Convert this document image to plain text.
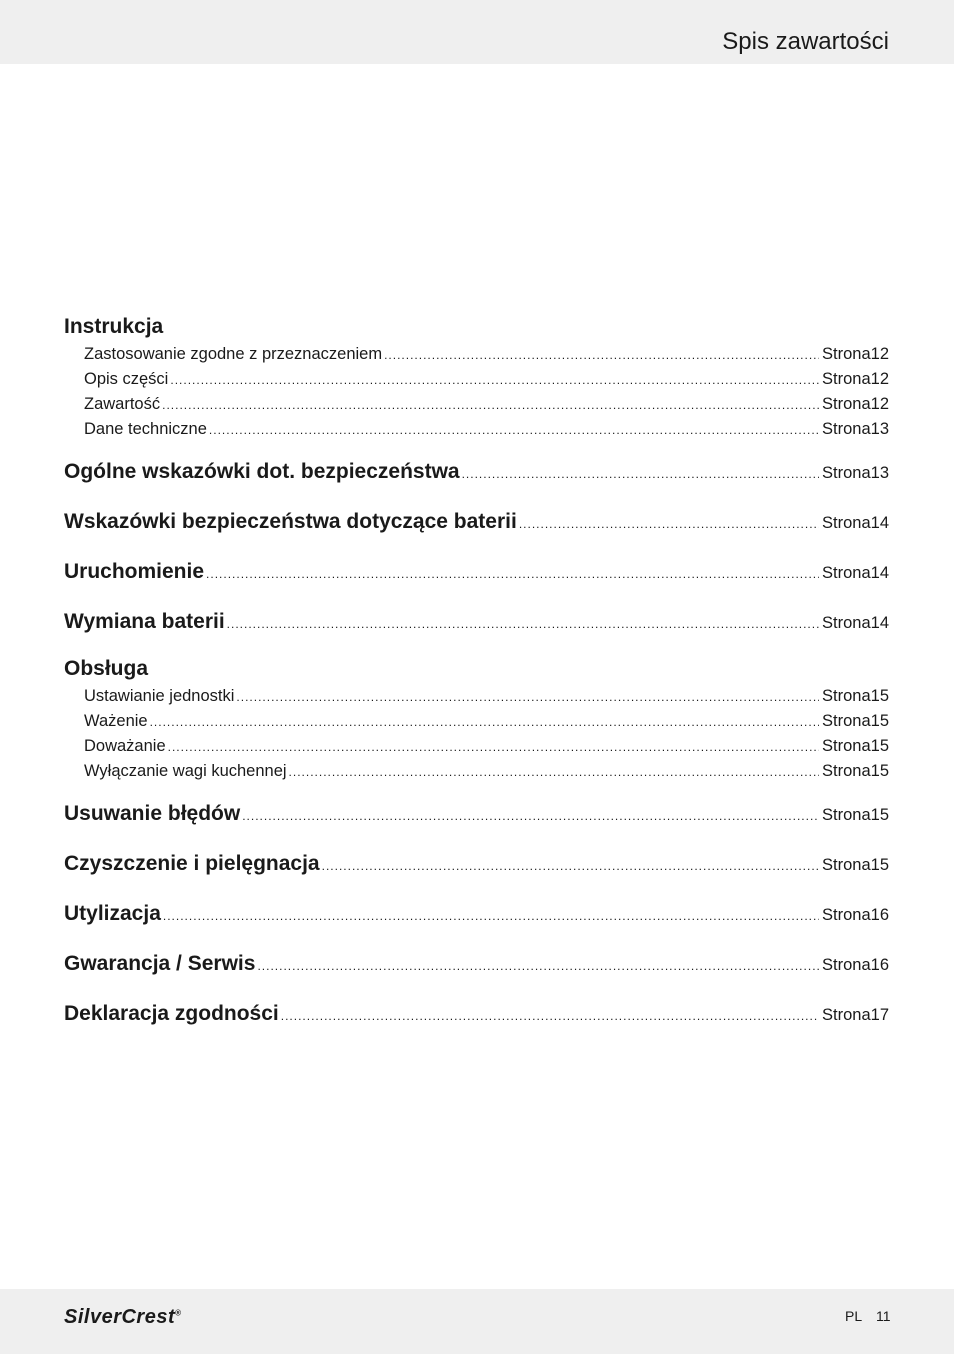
Spis zawartości
Instrukcja
Zastosowanie zgodne z przeznaczeniem .....	Strona 12
Opis części .....	Strona 12
Zawartość .....	Strona 12
Dane techniczne .....	Strona 13
Ogólne wskazówki dot. bezpieczeństwa .....	Strona 13
Wskazówki bezpieczeństwa dotyczące baterii .....	Strona 14
Uruchomienie .....	Strona 14
Wymiana baterii .....	Strona 14
Obsługa
Ustawianie jednostki .....	Strona 15
Ważenie .....	Strona 15
Doważanie .....	Strona 15
Wyłączanie wagi kuchennej .....	Strona 15
Usuwanie błędów .....	Strona 15
Czyszczenie i pielęgnacja .....	Strona 15
Utylizacja .....	Strona 16
Gwarancja / Serwis .....	Strona 16
Deklaracja zgodności .....	Strona 17
SilverCrest®	PL 11
